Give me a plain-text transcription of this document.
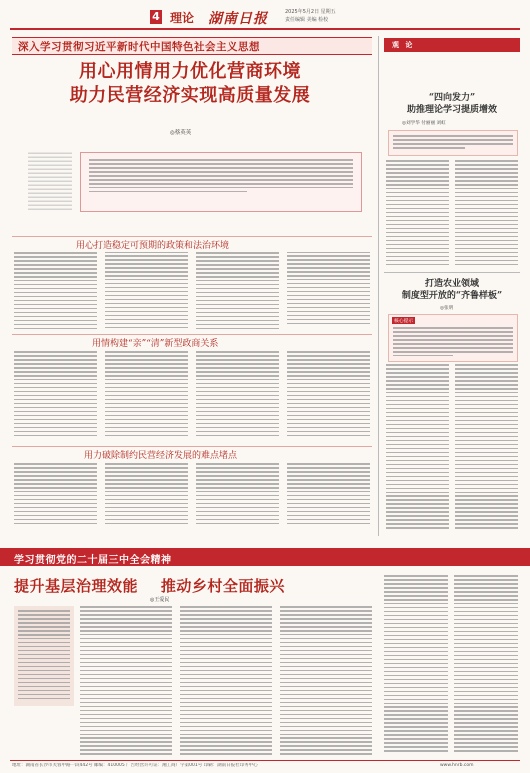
4 理论 湖南日报	2025年5月2日 星期五
责任编辑 美编 检校
深入学习贯彻习近平新时代中国特色社会主义思想
用心用情用力优化营商环境
助力民营经济实现高质量发展
◎蔡英英
用心打造稳定可预期的政策和法治环境
用情构建“亲”“清”新型政商关系
用力破除制约民营经济发展的难点堵点
观 论
“四向发力”
助推理论学习提质增效
◎刘学华 付丽丽 刘虹
打造农业领域
制度型开放的“齐鲁样板”
◎张明
核心提示
学习贯彻党的二十届三中全会精神
提升基层治理效能    推动乡村全面振兴
◎王爱民
地址：湖南省长沙市芙蓉中路一段442号 邮编：410005 广告经营许可证：湘工商广字第001号 印刷：湖南日报社印务中心	www.hnrb.com
